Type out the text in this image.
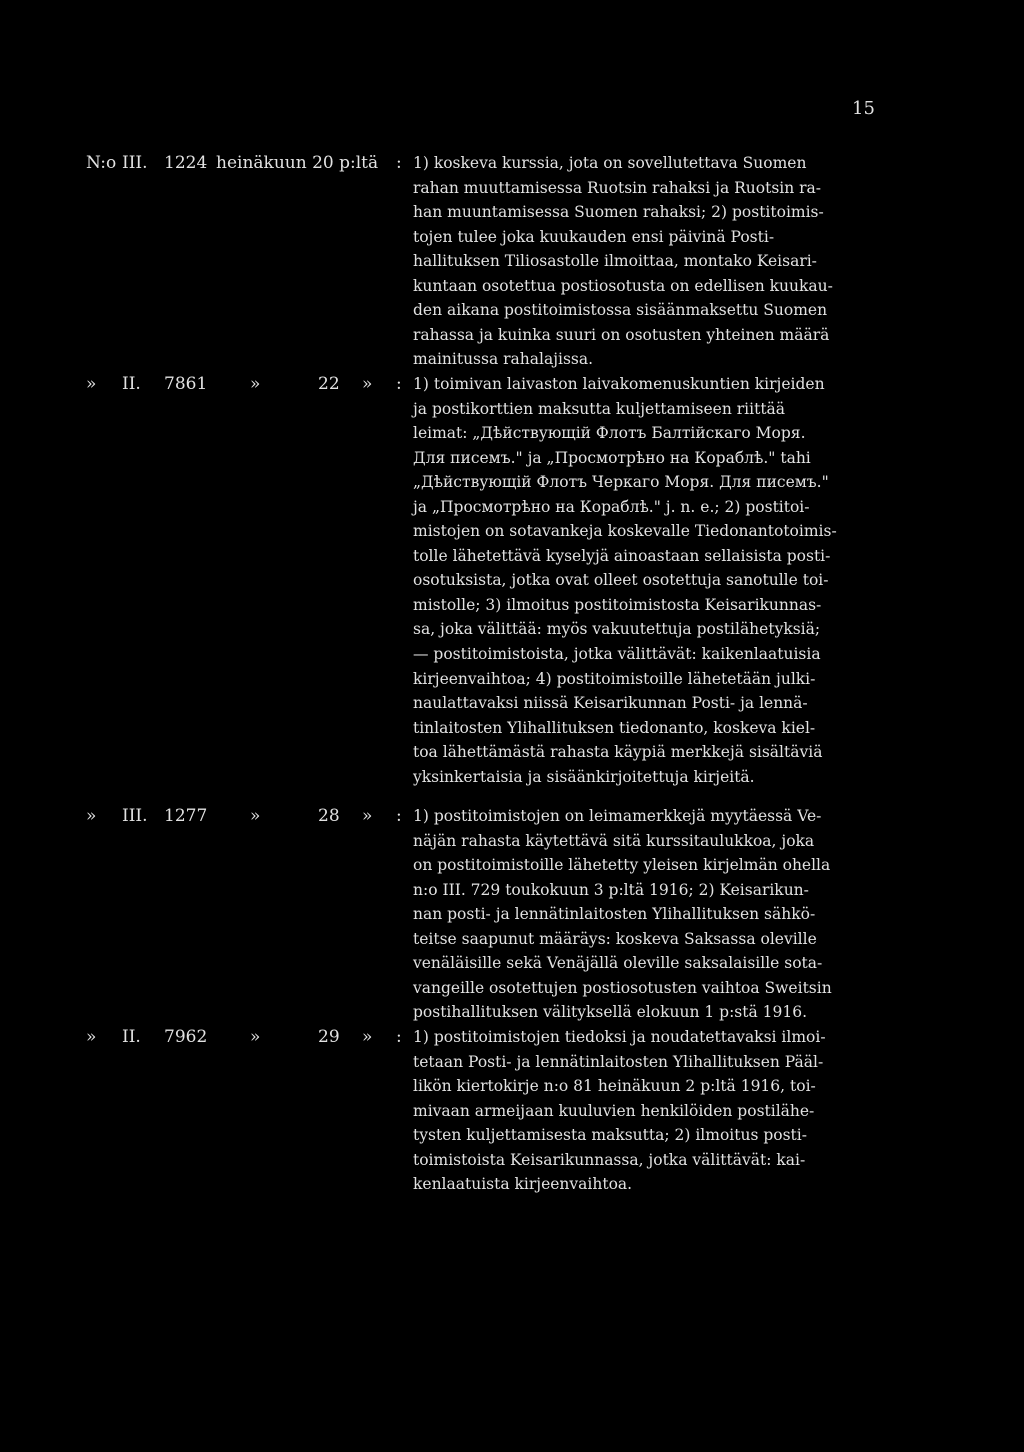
15
N:o III. 1224 heinäkuun 20 p:ltä : 1) koskeva kurssia, jota on sovellutettava Suomen
rahan muuttamisessa Ruotsin rahaksi ja Ruotsin ra-
han muuntamisessa Suomen rahaksi; 2) postitoimis-
tojen tulee joka kuukauden ensi päivinä Posti-
hallituksen Tiliosastolle ilmoittaa, montako Keisari-
kuntaan osotettua postiosotusta on edellisen kuukau-
den aikana postitoimistossa sisäänmaksettu Suomen
rahassa ja kuinka suuri on osotusten yhteinen määrä
mainitussa rahalajissa.
» II. 7861	»	22 » : 1) toimivan laivaston laivakomenuskuntien kirjeiden
ja postikorttien maksutta kuljettamiseen riittää
leimat: „Дѣйствующій Флотъ Балтійскаго Моря.
Для писемъ." ja „Просмотрѣно на Кораблѣ." tahi
„Дѣйствующій Флотъ Черкаго Моря. Для писемъ."
ja „Просмотрѣно на Кораблѣ." j. n. e.; 2) postitoi-
mistojen on sotavankeja koskevalle Tiedonantotoimis-
tolle lähetettävä kyselyjä ainoastaan sellaisista posti-
osotuksista, jotka ovat olleet osotettuja sanotulle toi-
mistolle; 3) ilmoitus postitoimistosta Keisarikunnas-
sa, joka välittää: myös vakuutettuja postilähetyksiä;
— postitoimistoista, jotka välittävät: kaikenlaatuisia
kirjeenvaihtoa; 4) postitoimistoille lähetetään julki-
naulattavaksi niissä Keisarikunnan Posti- ja lennä-
tinlaitosten Ylihallituksen tiedonanto, koskeva kiel-
toa lähettämästä rahasta käypiä merkkejä sisältäviä
yksinkertaisia ja sisäänkirjoitettuja kirjeitä.
» III. 1277	»	28 » : 1) postitoimistojen on leimamerkkejä myytäessä Ve-
näjän rahasta käytettävä sitä kurssitaulukkoa, joka
on postitoimistoille lähetetty yleisen kirjelmän ohella
n:o III. 729 toukokuun 3 p:ltä 1916; 2) Keisarikun-
nan posti- ja lennätinlaitosten Ylihallituksen sähkö-
teitse saapunut määräys: koskeva Saksassa oleville
venäläisille sekä Venäjällä oleville saksalaisille sota-
vangeille osotettujen postiosotusten vaihtoa Sweitsin
postihallituksen välityksellä elokuun 1 p:stä 1916.
» II. 7962	»	29 » : 1) postitoimistojen tiedoksi ja noudatettavaksi ilmoi-
tetaan Posti- ja lennätinlaitosten Ylihallituksen Pääl-
likön kiertokirje n:o 81 heinäkuun 2 p:ltä 1916, toi-
mivaan armeijaan kuuluvien henkilöiden postilähe-
tysten kuljettamisesta maksutta; 2) ilmoitus posti-
toimistoista Keisarikunnassa, jotka välittävät: kai-
kenlaatuista kirjeenvaihtoa.
